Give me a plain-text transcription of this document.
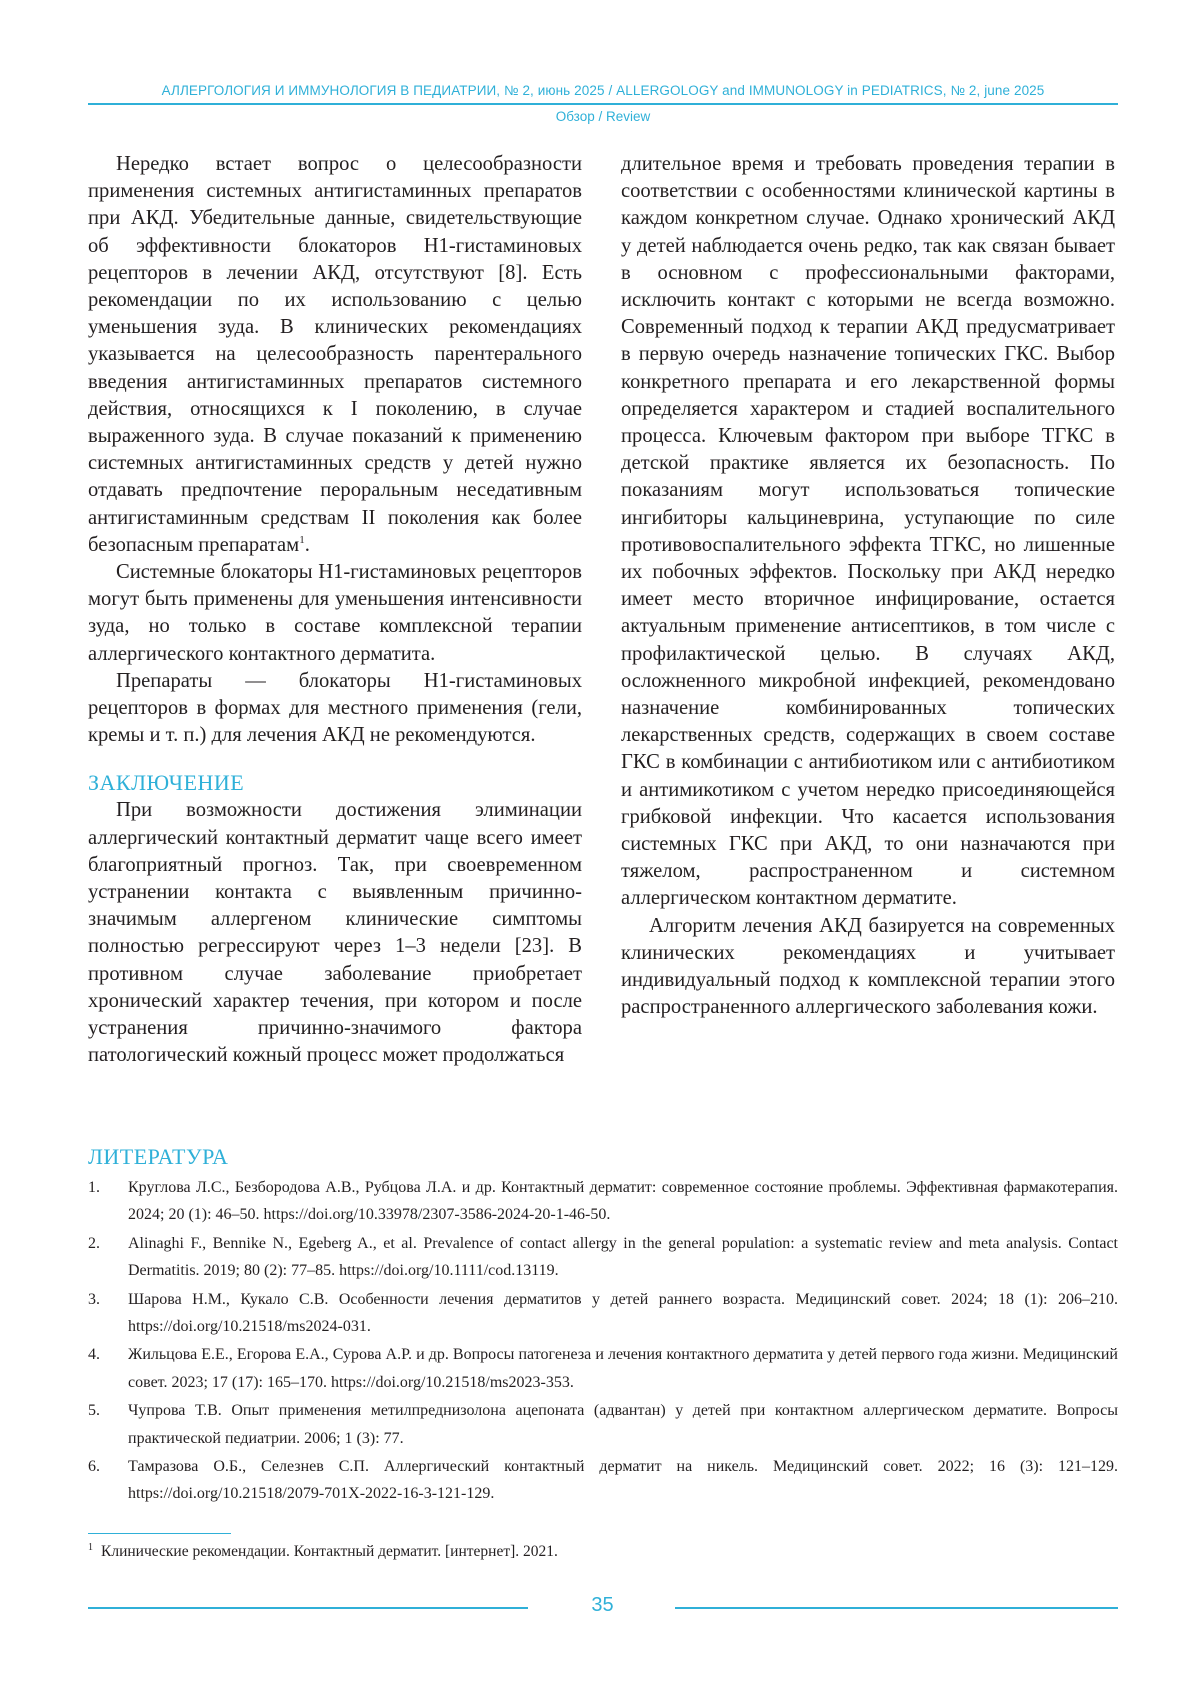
АЛЛЕРГОЛОГИЯ И ИММУНОЛОГИЯ В ПЕДИАТРИИ, № 2, июнь 2025 / ALLERGOLOGY and IMMUNOLOGY in PEDIATRICS, № 2, june 2025
Обзор / Review

Нередко встает вопрос о целесообразности применения системных антигистаминных препаратов при АКД. Убедительные данные, свидетельствующие об эффективности блокаторов Н1-гистаминовых рецепторов в лечении АКД, отсутствуют [8]. Есть рекомендации по их использованию с целью уменьшения зуда. В клинических рекомендациях указывается на целесообразность парентерального введения антигистаминных препаратов системного действия, относящихся к I поколению, в случае выраженного зуда. В случае показаний к применению системных антигистаминных средств у детей нужно отдавать предпочтение пероральным неседативным антигистаминным средствам II поколения как более безопасным препаратам$^1$.

Системные блокаторы Н1-гистаминовых рецепторов могут быть применены для уменьшения интенсивности зуда, но только в составе комплексной терапии аллергического контактного дерматита.

Препараты — блокаторы Н1-гистаминовых рецепторов в формах для местного применения (гели, кремы и т. п.) для лечения АКД не рекомендуются.

ЗАКЛЮЧЕНИЕ

При возможности достижения элиминации аллергический контактный дерматит чаще всего имеет благоприятный прогноз. Так, при своевременном устранении контакта с выявленным причинно-значимым аллергеном клинические симптомы полностью регрессируют через 1–3 недели [23]. В противном случае заболевание приобретает хронический характер течения, при котором и после устранения причинно-значимого фактора патологический кожный процесс может продолжаться

длительное время и требовать проведения терапии в соответствии с особенностями клинической картины в каждом конкретном случае. Однако хронический АКД у детей наблюдается очень редко, так как связан бывает в основном с профессиональными факторами, исключить контакт с которыми не всегда возможно. Современный подход к терапии АКД предусматривает в первую очередь назначение топических ГКС. Выбор конкретного препарата и его лекарственной формы определяется характером и стадией воспалительного процесса. Ключевым фактором при выборе ТГКС в детской практике является их безопасность. По показаниям могут использоваться топические ингибиторы кальциневрина, уступающие по силе противовоспалительного эффекта ТГКС, но лишенные их побочных эффектов. Поскольку при АКД нередко имеет место вторичное инфицирование, остается актуальным применение антисептиков, в том числе с профилактической целью. В случаях АКД, осложненного микробной инфекцией, рекомендовано назначение комбинированных топических лекарственных средств, содержащих в своем составе ГКС в комбинации с антибиотиком или с антибиотиком и антимикотиком с учетом нередко присоединяющейся грибковой инфекции. Что касается использования системных ГКС при АКД, то они назначаются при тяжелом, распространенном и системном аллергическом контактном дерматите.

Алгоритм лечения АКД базируется на современных клинических рекомендациях и учитывает индивидуальный подход к комплексной терапии этого распространенного аллергического заболевания кожи.

ЛИТЕРАТУРА
1. Круглова Л.С., Безбородова А.В., Рубцова Л.А. и др. Контактный дерматит: современное состояние проблемы. Эффективная фармакотерапия. 2024; 20 (1): 46–50. https://doi.org/10.33978/2307-3586-2024-20-1-46-50.
2. Alinaghi F., Bennike N., Egeberg A., et al. Prevalence of contact allergy in the general population: a systematic review and meta analysis. Contact Dermatitis. 2019; 80 (2): 77–85. https://doi.org/10.1111/cod.13119.
3. Шарова Н.М., Кукало С.В. Особенности лечения дерматитов у детей раннего возраста. Медицинский совет. 2024; 18 (1): 206–210. https://doi.org/10.21518/ms2024-031.
4. Жильцова Е.Е., Егорова Е.А., Сурова А.Р. и др. Вопросы патогенеза и лечения контактного дерматита у детей первого года жизни. Медицинский совет. 2023; 17 (17): 165–170. https://doi.org/10.21518/ms2023-353.
5. Чупрова Т.В. Опыт применения метилпреднизолона ацепоната (адвантан) у детей при контактном аллергическом дерматите. Вопросы практической педиатрии. 2006; 1 (3): 77.
6. Тамразова О.Б., Селезнев С.П. Аллергический контактный дерматит на никель. Медицинский совет. 2022; 16 (3): 121–129. https://doi.org/10.21518/2079-701X-2022-16-3-121-129.
$^1$ Клинические рекомендации. Контактный дерматит. [интернет]. 2021.
35
